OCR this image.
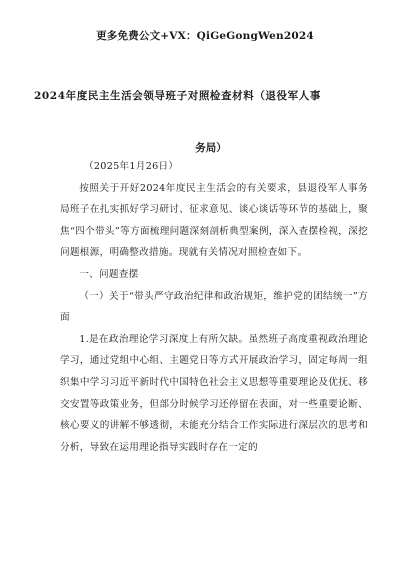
更多免费公文+VX：QiGeGongWen2024
2024年度民主生活会领导班子对照检查材料（退役军人事
务局）

（2025年1月26日）

按照关于开好2024年度民主生活会的有关要求，县退役军人事务局班子在扎实抓好学习研讨、征求意见、谈心谈话等环节的基础上，聚焦“四个带头”等方面梳理问题深刻剖析典型案例，深入查摆检视，深挖问题根源，明确整改措施。现就有关情况对照检查如下。

一、问题查摆

（一）关于“带头严守政治纪律和政治规矩，维护党的团结统一”方面

1.是在政治理论学习深度上有所欠缺。虽然班子高度重视政治理论学习，通过党组中心组、主题党日等方式开展政治学习，固定每周一组织集中学习习近平新时代中国特色社会主义思想等重要理论及优抚、移交安置等政策业务，但部分时候学习还停留在表面，对一些重要论断、核心要义的讲解不够透彻，未能充分结合工作实际进行深层次的思考和分析，导致在运用理论指导实践时存在一定的
